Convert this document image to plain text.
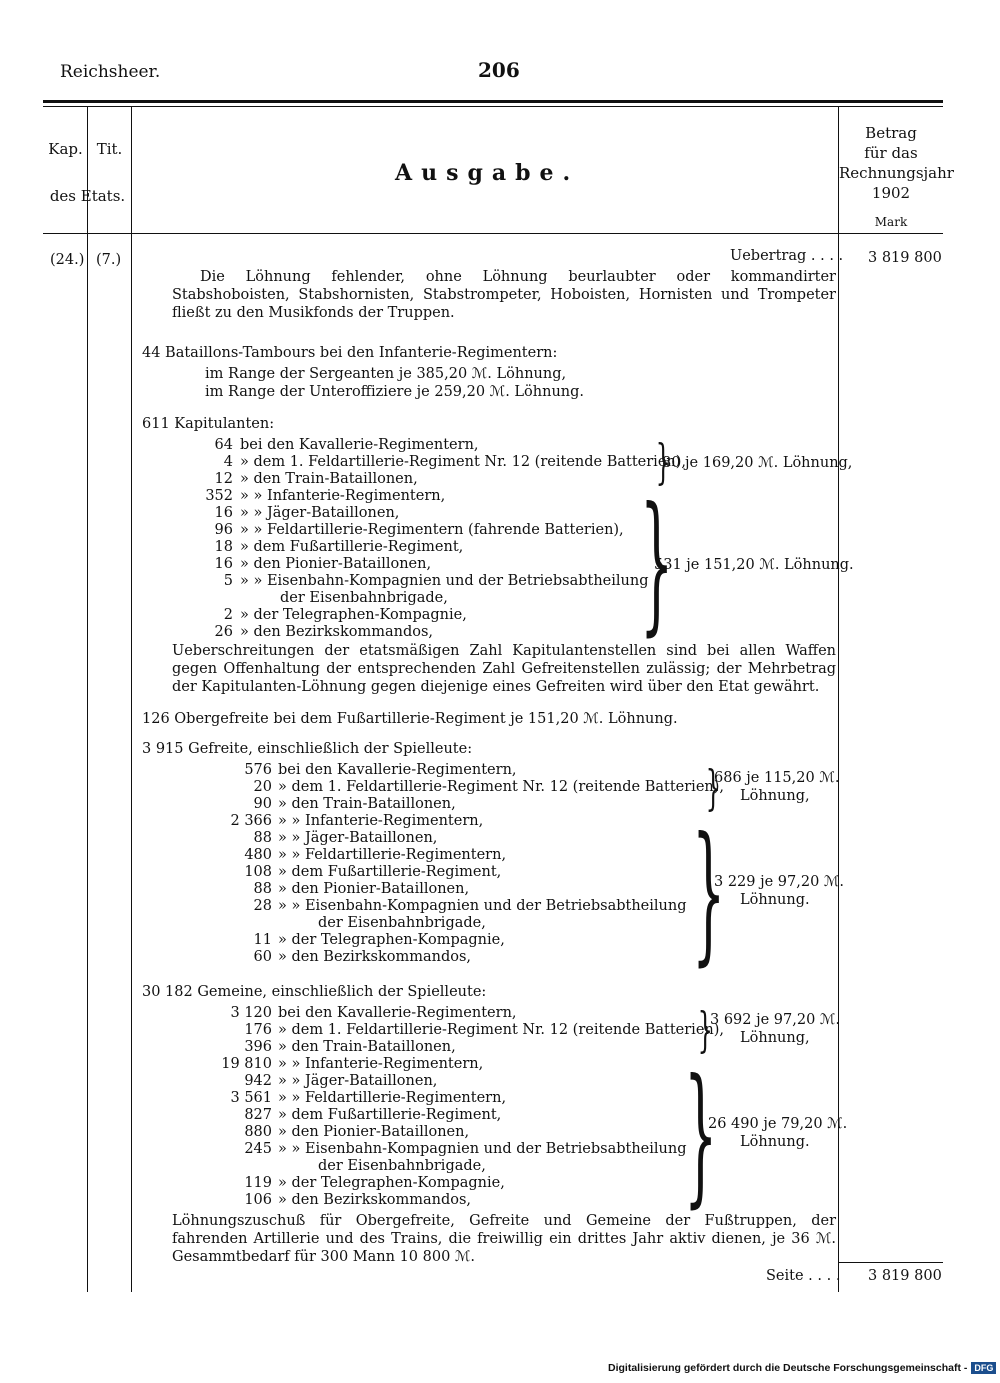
Reichsheer.	206
Kap. Tit.
des Etats.
Ausgabe.
Betrag
für das
Rechnungsjahr
1902
Mark
(24.) (7.)	Uebertrag . . . . 3 819 800
Die Löhnung fehlender, ohne Löhnung beurlaubter oder kommandirter Stabshoboisten, Stabshornisten, Stabstrompeter, Hoboisten, Hornisten und Trompeter fließt zu den Musikfonds der Truppen.
44 Bataillons-Tambours bei den Infanterie-Regimentern:
im Range der Sergeanten je 385,20 ℳ. Löhnung,
im Range der Unteroffiziere je 259,20 ℳ. Löhnung.
611 Kapitulanten:
64 bei den Kavallerie-Regimentern,
4 » dem 1. Feldartillerie-Regiment Nr. 12 (reitende Batterien),
12 » den Train-Bataillonen,
352 » » Infanterie-Regimentern,
16 » » Jäger-Bataillonen,
96 » » Feldartillerie-Regimentern (fahrende Batterien),
18 » dem Fußartillerie-Regiment,
16 » den Pionier-Bataillonen,
5 » » Eisenbahn-Kompagnien und der Betriebsabtheilung
der Eisenbahnbrigade,
2 » der Telegraphen-Kompagnie,
26 » den Bezirkskommandos,
}
80 je 169,20 ℳ. Löhnung,
}
531 je 151,20 ℳ. Löhnung.
Ueberschreitungen der etatsmäßigen Zahl Kapitulantenstellen sind bei allen Waffen gegen Offenhaltung der entsprechenden Zahl Gefreitenstellen zulässig; der Mehrbetrag der Kapitulanten-Löhnung gegen diejenige eines Gefreiten wird über den Etat gewährt.
126 Obergefreite bei dem Fußartillerie-Regiment je 151,20 ℳ. Löhnung.
3 915 Gefreite, einschließlich der Spielleute:
576 bei den Kavallerie-Regimentern,
20 » dem 1. Feldartillerie-Regiment Nr. 12 (reitende Batterien),
90 » den Train-Bataillonen,
2 366 » » Infanterie-Regimentern,
88 » » Jäger-Bataillonen,
480 » » Feldartillerie-Regimentern,
108 » dem Fußartillerie-Regiment,
88 » den Pionier-Bataillonen,
28 » » Eisenbahn-Kompagnien und der Betriebsabtheilung
der Eisenbahnbrigade,
11 » der Telegraphen-Kompagnie,
60 » den Bezirkskommandos,
}
686 je 115,20 ℳ.
Löhnung,
}
3 229 je 97,20 ℳ.
Löhnung.
30 182 Gemeine, einschließlich der Spielleute:
3 120 bei den Kavallerie-Regimentern,
176 » dem 1. Feldartillerie-Regiment Nr. 12 (reitende Batterien),
396 » den Train-Bataillonen,
19 810 » » Infanterie-Regimentern,
942 » » Jäger-Bataillonen,
3 561 » » Feldartillerie-Regimentern,
827 » dem Fußartillerie-Regiment,
880 » den Pionier-Bataillonen,
245 » » Eisenbahn-Kompagnien und der Betriebsabtheilung
der Eisenbahnbrigade,
119 » der Telegraphen-Kompagnie,
106 » den Bezirkskommandos,
}
3 692 je 97,20 ℳ.
Löhnung,
}
26 490 je 79,20 ℳ.
Löhnung.
Löhnungszuschuß für Obergefreite, Gefreite und Gemeine der Fußtruppen, der fahrenden Artillerie und des Trains, die freiwillig ein drittes Jahr aktiv dienen, je 36 ℳ. Gesammtbedarf für 300 Mann 10 800 ℳ.
Seite . . . . 3 819 800
Digitalisierung gefördert durch die Deutsche Forschungsgemeinschaft - DFG
